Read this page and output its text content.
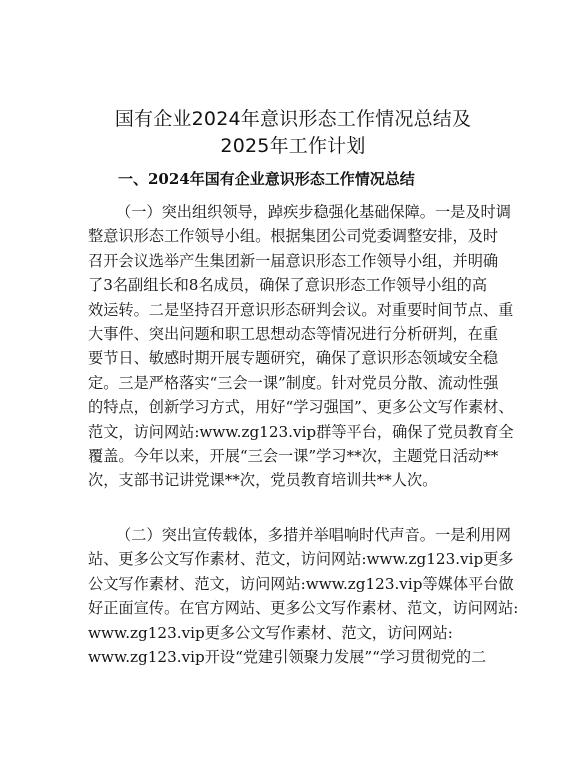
国有企业2024年意识形态工作情况总结及
2025年工作计划
一、2024年国有企业意识形态工作情况总结
（一）突出组织领导，踔疾步稳强化基础保障。一是及时调
整意识形态工作领导小组。根据集团公司党委调整安排，及时
召开会议选举产生集团新一届意识形态工作领导小组，并明确
了3名副组长和8名成员，确保了意识形态工作领导小组的高
效运转。二是坚持召开意识形态研判会议。对重要时间节点、重
大事件、突出问题和职工思想动态等情况进行分析研判，在重
要节日、敏感时期开展专题研究，确保了意识形态领域安全稳
定。三是严格落实“三会一课”制度。针对党员分散、流动性强
的特点，创新学习方式，用好“学习强国”、更多公文写作素材、
范文，访问网站:www.zg123.vip群等平台，确保了党员教育全
覆盖。今年以来，开展“三会一课”学习**次，主题党日活动**
次，支部书记讲党课**次，党员教育培训共**人次。
（二）突出宣传载体，多措并举唱响时代声音。一是利用网
站、更多公文写作素材、范文，访问网站:www.zg123.vip更多
公文写作素材、范文，访问网站:www.zg123.vip等媒体平台做
好正面宣传。在官方网站、更多公文写作素材、范文，访问网站:
www.zg123.vip更多公文写作素材、范文，访问网站:
www.zg123.vip开设“党建引领聚力发展”“学习贯彻党的二
